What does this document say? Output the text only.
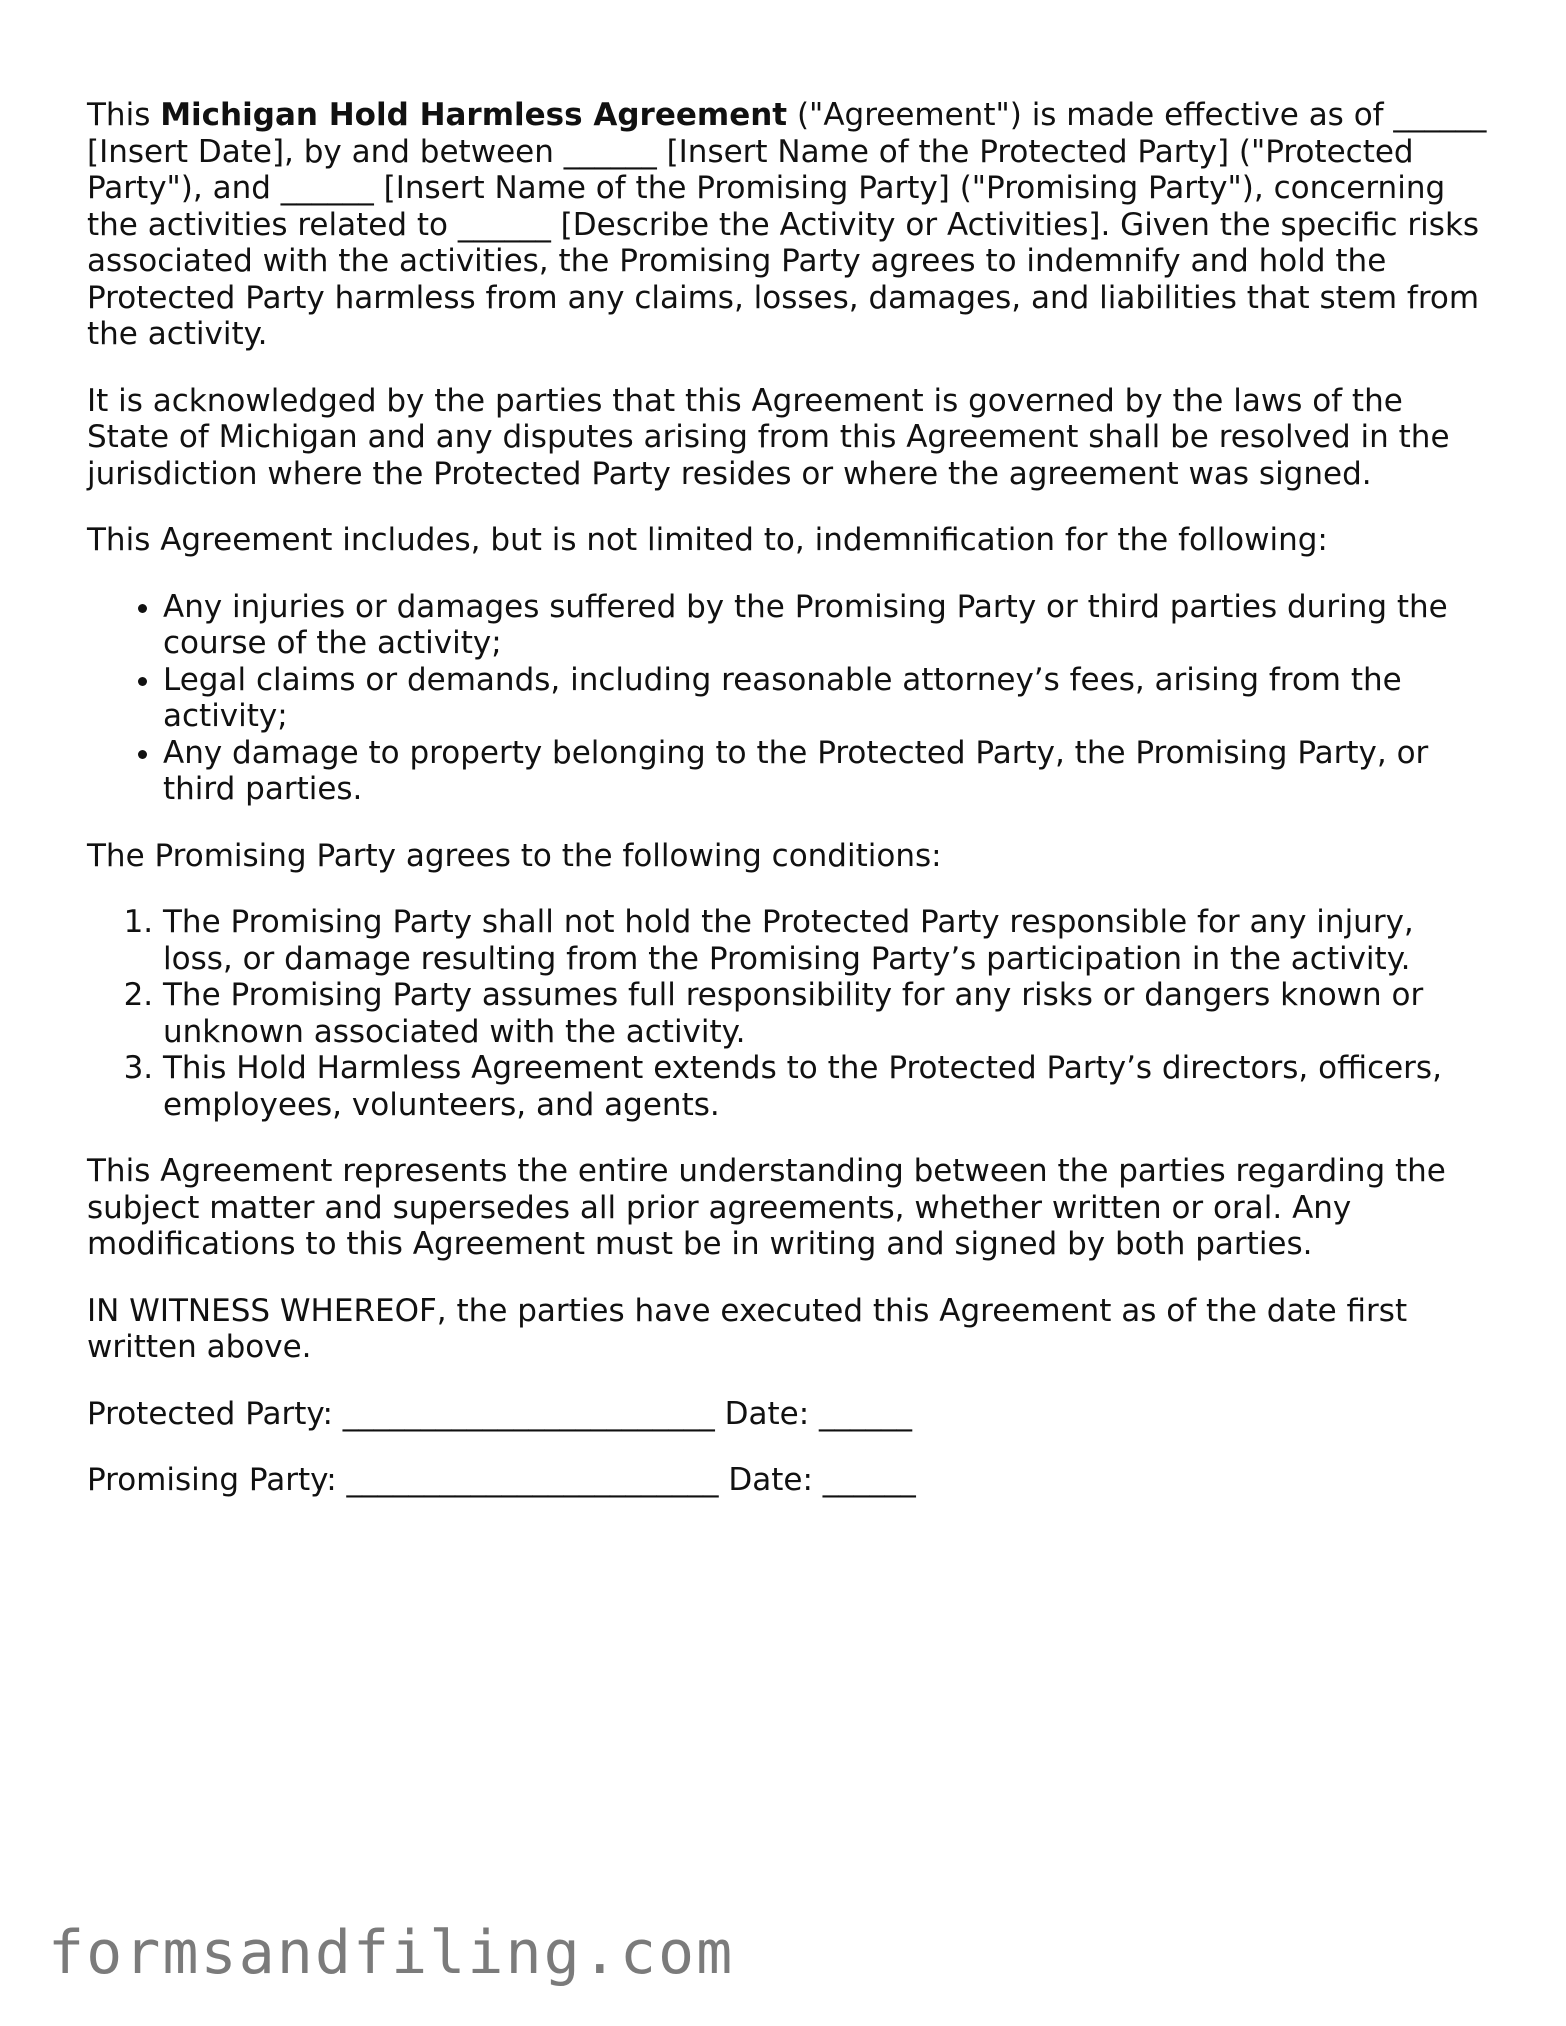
This Michigan Hold Harmless Agreement ("Agreement") is made effective as of ______ [Insert Date], by and between ______ [Insert Name of the Protected Party] ("Protected Party"), and ______ [Insert Name of the Promising Party] ("Promising Party"), concerning the activities related to ______ [Describe the Activity or Activities]. Given the specific risks associated with the activities, the Promising Party agrees to indemnify and hold the Protected Party harmless from any claims, losses, damages, and liabilities that stem from the activity.

It is acknowledged by the parties that this Agreement is governed by the laws of the State of Michigan and any disputes arising from this Agreement shall be resolved in the jurisdiction where the Protected Party resides or where the agreement was signed.

This Agreement includes, but is not limited to, indemnification for the following:

• Any injuries or damages suffered by the Promising Party or third parties during the course of the activity;
• Legal claims or demands, including reasonable attorney’s fees, arising from the activity;
• Any damage to property belonging to the Protected Party, the Promising Party, or third parties.

The Promising Party agrees to the following conditions:

1. The Promising Party shall not hold the Protected Party responsible for any injury, loss, or damage resulting from the Promising Party’s participation in the activity.
2. The Promising Party assumes full responsibility for any risks or dangers known or unknown associated with the activity.
3. This Hold Harmless Agreement extends to the Protected Party’s directors, officers, employees, volunteers, and agents.

This Agreement represents the entire understanding between the parties regarding the subject matter and supersedes all prior agreements, whether written or oral. Any modifications to this Agreement must be in writing and signed by both parties.

IN WITNESS WHEREOF, the parties have executed this Agreement as of the date first written above.

Protected Party: ________________________ Date: ______

Promising Party: ________________________ Date: ______

formsandfiling.com
